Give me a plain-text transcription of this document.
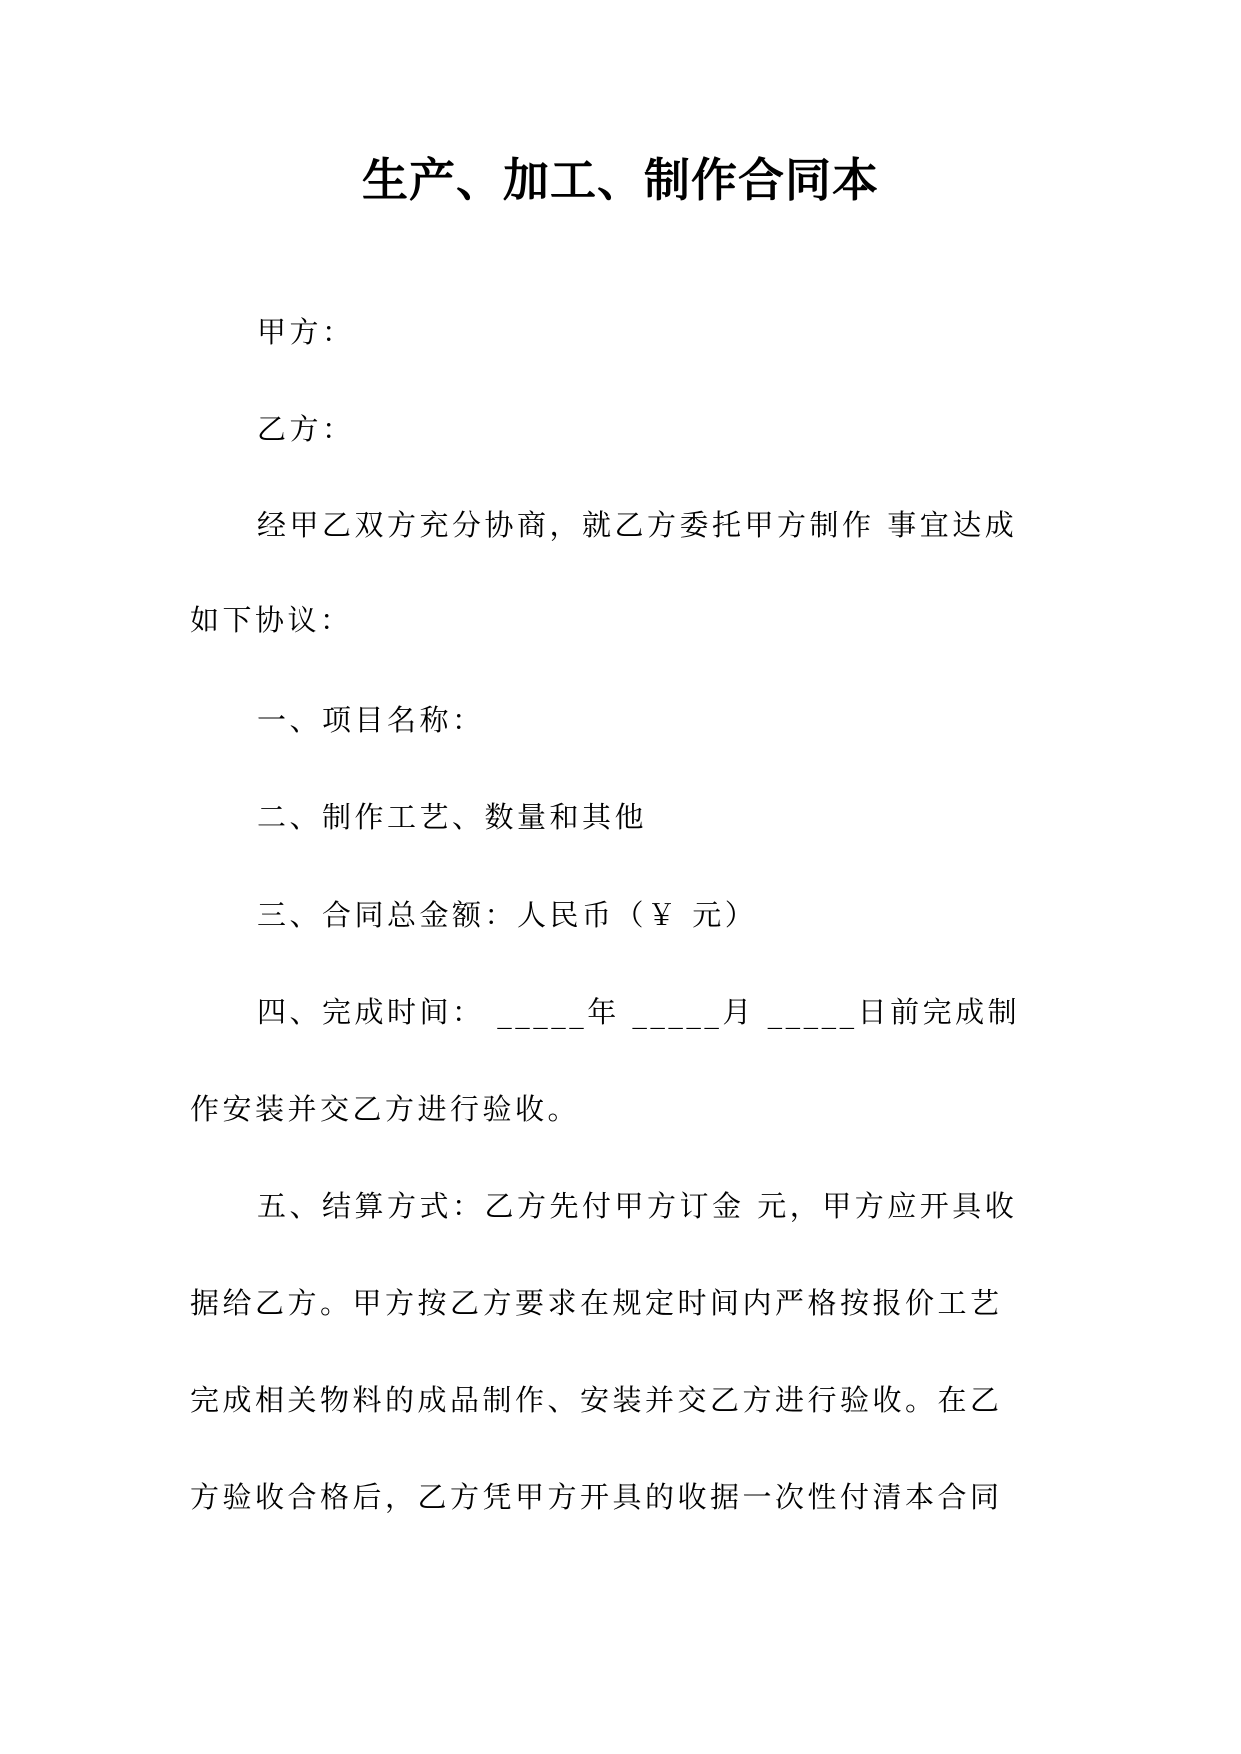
生产、加工、制作合同本

甲方：

乙方：

经甲乙双方充分协商，就乙方委托甲方制作 事宜达成

如下协议：

一、项目名称：

二、制作工艺、数量和其他

三、合同总金额：人民币（￥ 元）

四、完成时间： _____年 _____月 _____日前完成制

作安装并交乙方进行验收。

五、结算方式：乙方先付甲方订金 元，甲方应开具收

据给乙方。甲方按乙方要求在规定时间内严格按报价工艺

完成相关物料的成品制作、安装并交乙方进行验收。在乙

方验收合格后，乙方凭甲方开具的收据一次性付清本合同
